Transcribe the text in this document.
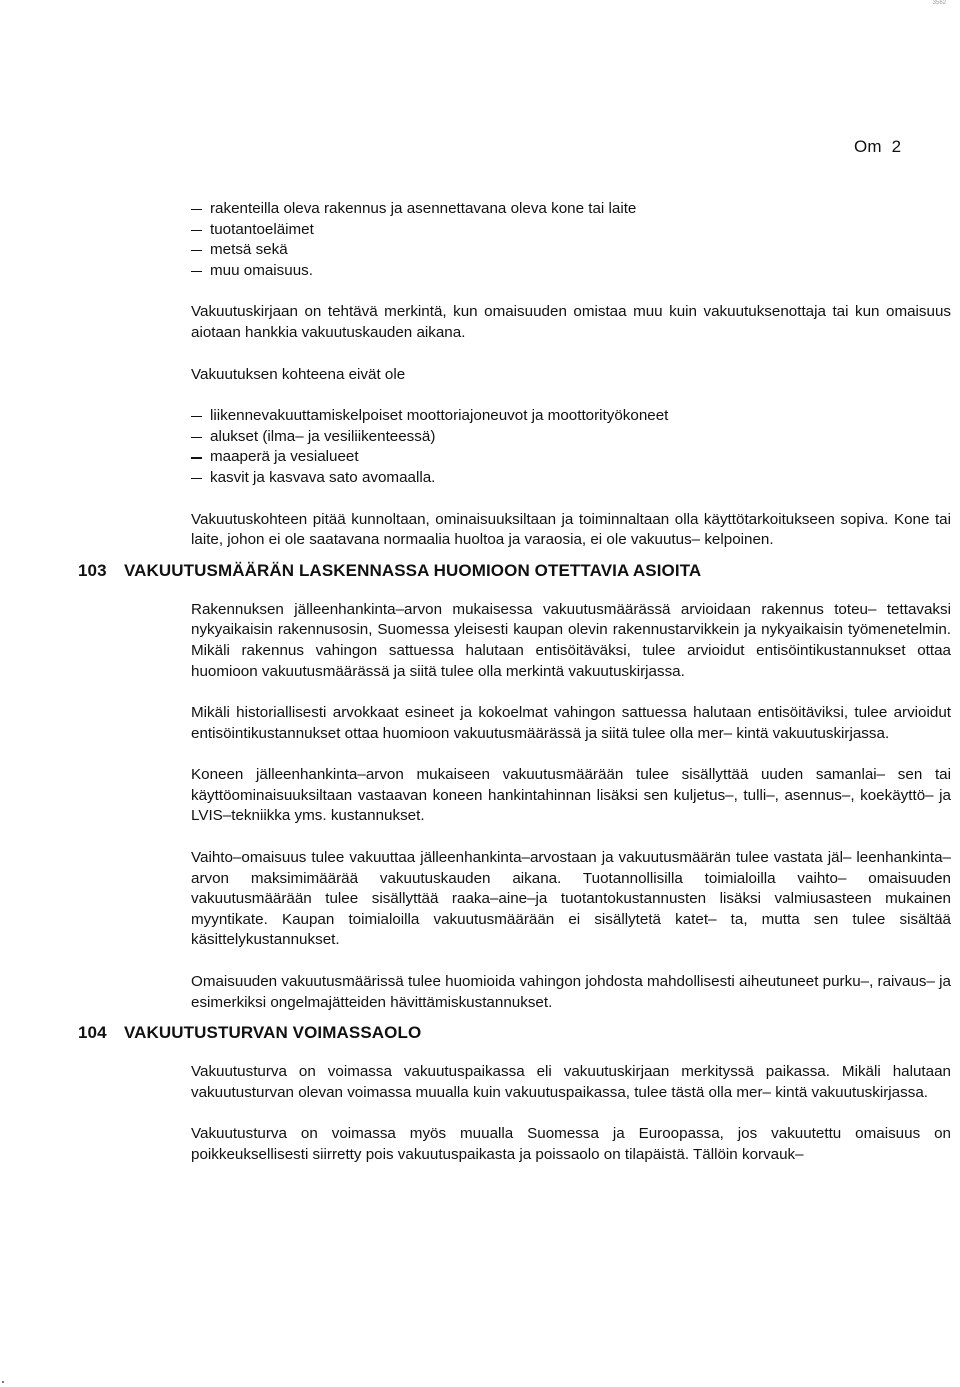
3562
Om  2
rakenteilla oleva rakennus ja asennettavana oleva kone tai laite
tuotantoeläimet
metsä sekä
muu omaisuus.

Vakuutuskirjaan on tehtävä merkintä, kun omaisuuden omistaa muu kuin vakuutuksenottaja tai kun omaisuus aiotaan hankkia vakuutuskauden aikana.

Vakuutuksen kohteena eivät ole

liikennevakuuttamiskelpoiset moottoriajoneuvot ja moottorityökoneet
alukset (ilma– ja vesiliikenteessä)
maaperä ja vesialueet
kasvit ja kasvava sato avomaalla.

Vakuutuskohteen pitää kunnoltaan, ominaisuuksiltaan ja toiminnaltaan olla käyttötarkoitukseen sopiva. Kone tai laite, johon ei ole saatavana normaalia huoltoa ja varaosia, ei ole vakuutus– kelpoinen.

103 VAKUUTUSMÄÄRÄN LASKENNASSA HUOMIOON OTETTAVIA ASIOITA

Rakennuksen jälleenhankinta–arvon mukaisessa vakuutusmäärässä arvioidaan rakennus toteu– tettavaksi nykyaikaisin rakennusosin, Suomessa yleisesti kaupan olevin rakennustarvikkein ja nykyaikaisin työmenetelmin. Mikäli rakennus vahingon sattuessa halutaan entisöitäväksi, tulee arvioidut entisöintikustannukset ottaa huomioon vakuutusmäärässä ja siitä tulee olla merkintä vakuutuskirjassa.

Mikäli historiallisesti arvokkaat esineet ja kokoelmat vahingon sattuessa halutaan entisöitäviksi, tulee arvioidut entisöintikustannukset ottaa huomioon vakuutusmäärässä ja siitä tulee olla mer– kintä vakuutuskirjassa.

Koneen jälleenhankinta–arvon mukaiseen vakuutusmäärään tulee sisällyttää uuden samanlai– sen tai käyttöominaisuuksiltaan vastaavan koneen hankintahinnan lisäksi sen kuljetus–, tulli–, asennus–, koekäyttö– ja LVIS–tekniikka yms. kustannukset.

Vaihto–omaisuus tulee vakuuttaa jälleenhankinta–arvostaan ja vakuutusmäärän tulee vastata jäl– leenhankinta–arvon maksimimäärää vakuutuskauden aikana. Tuotannollisilla toimialoilla vaihto– omaisuuden vakuutusmäärään tulee sisällyttää raaka–aine–ja tuotantokustannusten lisäksi valmiusasteen mukainen myyntikate. Kaupan toimialoilla vakuutusmäärään ei sisällytetä katet– ta, mutta sen tulee sisältää käsittelykustannukset.

Omaisuuden vakuutusmäärissä tulee huomioida vahingon johdosta mahdollisesti aiheutuneet purku–, raivaus– ja esimerkiksi ongelmajätteiden hävittämiskustannukset.

104 VAKUUTUSTURVAN VOIMASSAOLO

Vakuutusturva on voimassa vakuutuspaikassa eli vakuutuskirjaan merkityssä paikassa. Mikäli halutaan vakuutusturvan olevan voimassa muualla kuin vakuutuspaikassa, tulee tästä olla mer– kintä vakuutuskirjassa.

Vakuutusturva on voimassa myös muualla Suomessa ja Euroopassa, jos vakuutettu omaisuus on poikkeuksellisesti siirretty pois vakuutuspaikasta ja poissaolo on tilapäistä. Tällöin korvauk–
